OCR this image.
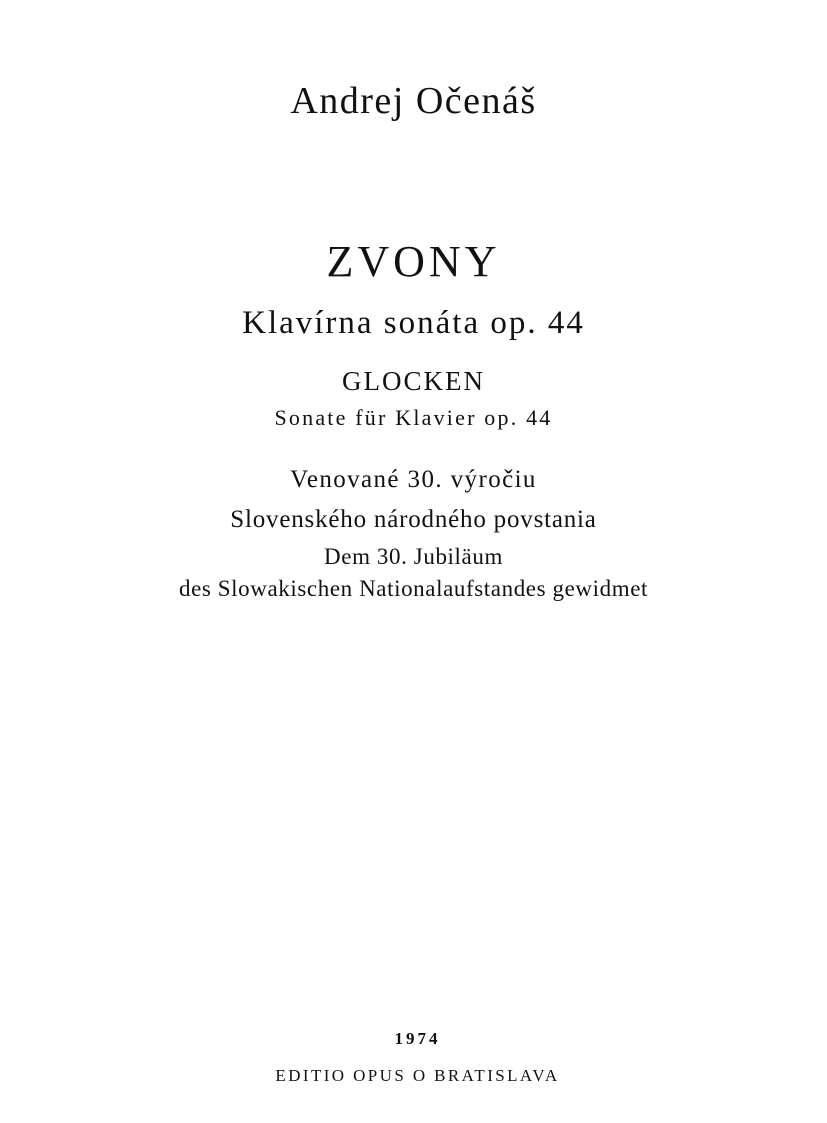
Andrej Očenáš
ZVONY
Klavírna sonáta op. 44
GLOCKEN
Sonate für Klavier op. 44
Venované 30. výročiu
Slovenského národného povstania
Dem 30. Jubiläum
des Slowakischen Nationalaufstandes gewidmet
1974
EDITIO OPUS O BRATISLAVA
